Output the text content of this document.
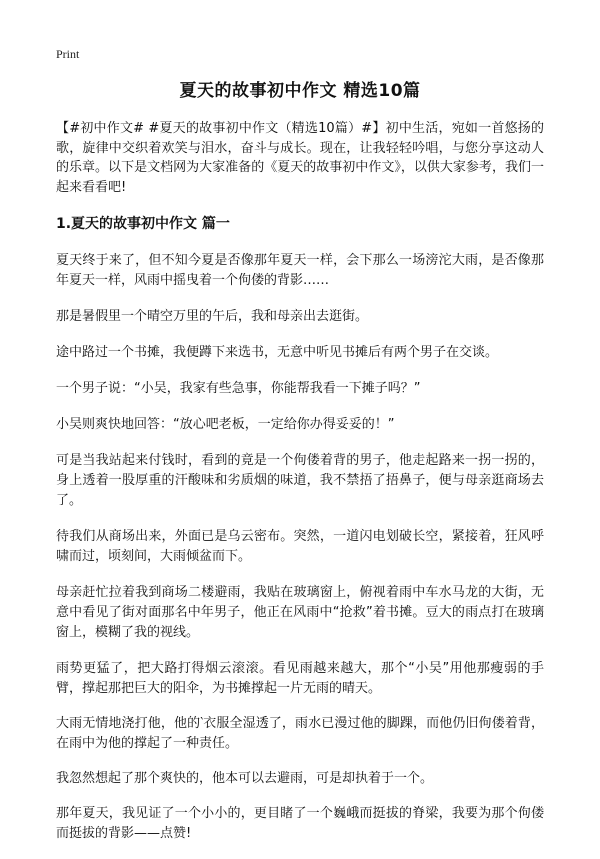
Print
夏天的故事初中作文 精选10篇

【#初中作文# #夏天的故事初中作文（精选10篇）#】初中生活，宛如一首悠扬的歌，旋律中交织着欢笑与泪水，奋斗与成长。现在，让我轻轻吟唱，与您分享这动人的乐章。以下是文档网为大家准备的《夏天的故事初中作文》，以供大家参考，我们一起来看看吧!

1.夏天的故事初中作文 篇一

夏天终于来了，但不知今夏是否像那年夏天一样，会下那么一场滂沱大雨，是否像那年夏天一样，风雨中摇曳着一个佝偻的背影……

那是暑假里一个晴空万里的午后，我和母亲出去逛街。

途中路过一个书摊，我便蹲下来选书，无意中听见书摊后有两个男子在交谈。

一个男子说：“小吴，我家有些急事，你能帮我看一下摊子吗？”

小吴则爽快地回答：“放心吧老板，一定给你办得妥妥的！”

可是当我站起来付钱时，看到的竟是一个佝偻着背的男子，他走起路来一拐一拐的，身上透着一股厚重的汗酸味和劣质烟的味道，我不禁捂了捂鼻子，便与母亲逛商场去了。

待我们从商场出来，外面已是乌云密布。突然，一道闪电划破长空，紧接着，狂风呼啸而过，顷刻间，大雨倾盆而下。

母亲赶忙拉着我到商场二楼避雨，我贴在玻璃窗上，俯视着雨中车水马龙的大街，无意中看见了街对面那名中年男子，他正在风雨中“抢救”着书摊。豆大的雨点打在玻璃窗上，模糊了我的视线。

雨势更猛了，把大路打得烟云滚滚。看见雨越来越大，那个“小吴”用他那瘦弱的手臂，撑起那把巨大的阳伞，为书摊撑起一片无雨的晴天。

大雨无情地浇打他，他的‵衣服全湿透了，雨水已漫过他的脚踝，而他仍旧佝偻着背，在雨中为他的撑起了一种责任。

我忽然想起了那个爽快的，他本可以去避雨，可是却执着于一个。

那年夏天，我见证了一个小小的，更目睹了一个巍峨而挺拔的脊梁，我要为那个佝偻而挺拔的背影——点赞!
